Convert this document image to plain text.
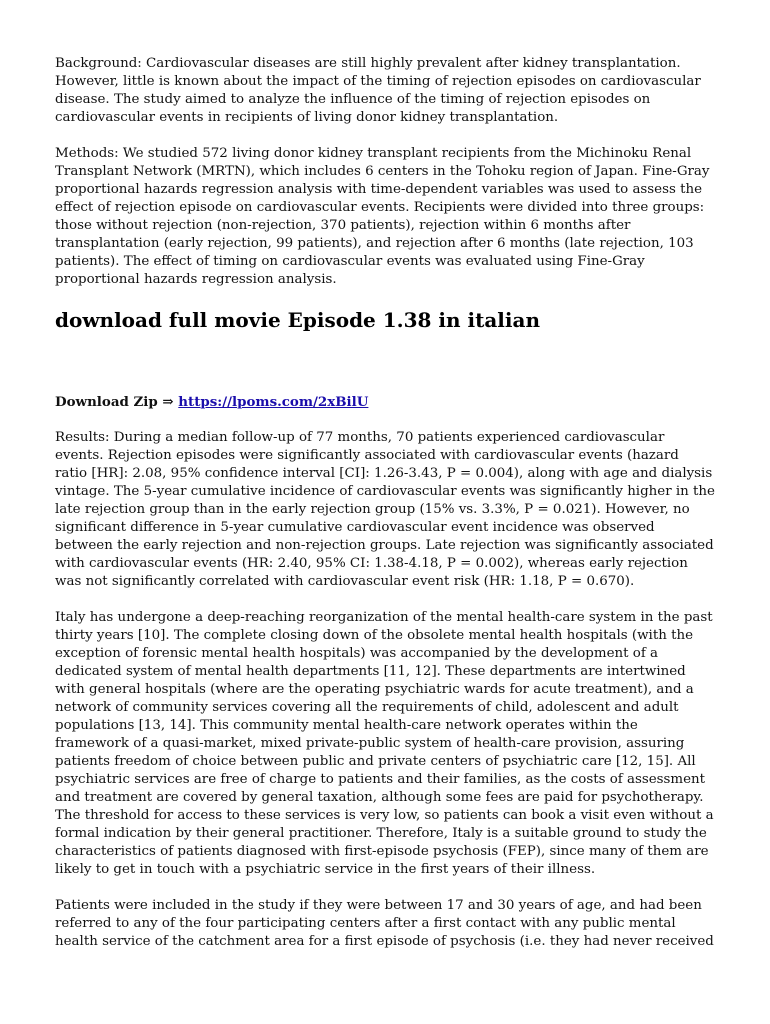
Background: Cardiovascular diseases are still highly prevalent after kidney transplantation. However, little is known about the impact of the timing of rejection episodes on cardiovascular disease. The study aimed to analyze the influence of the timing of rejection episodes on cardiovascular events in recipients of living donor kidney transplantation.

Methods: We studied 572 living donor kidney transplant recipients from the Michinoku Renal Transplant Network (MRTN), which includes 6 centers in the Tohoku region of Japan. Fine-Gray proportional hazards regression analysis with time-dependent variables was used to assess the effect of rejection episode on cardiovascular events. Recipients were divided into three groups: those without rejection (non-rejection, 370 patients), rejection within 6 months after transplantation (early rejection, 99 patients), and rejection after 6 months (late rejection, 103 patients). The effect of timing on cardiovascular events was evaluated using Fine-Gray proportional hazards regression analysis.

download full movie Episode 1.38 in italian

Download Zip ⇒ https://lpoms.com/2xBilU

Results: During a median follow-up of 77 months, 70 patients experienced cardiovascular events. Rejection episodes were significantly associated with cardiovascular events (hazard ratio [HR]: 2.08, 95% confidence interval [CI]: 1.26-3.43, P = 0.004), along with age and dialysis vintage. The 5-year cumulative incidence of cardiovascular events was significantly higher in the late rejection group than in the early rejection group (15% vs. 3.3%, P = 0.021). However, no significant difference in 5-year cumulative cardiovascular event incidence was observed between the early rejection and non-rejection groups. Late rejection was significantly associated with cardiovascular events (HR: 2.40, 95% CI: 1.38-4.18, P = 0.002), whereas early rejection was not significantly correlated with cardiovascular event risk (HR: 1.18, P = 0.670).

Italy has undergone a deep-reaching reorganization of the mental health-care system in the past thirty years [10]. The complete closing down of the obsolete mental health hospitals (with the exception of forensic mental health hospitals) was accompanied by the development of a dedicated system of mental health departments [11, 12]. These departments are intertwined with general hospitals (where are the operating psychiatric wards for acute treatment), and a network of community services covering all the requirements of child, adolescent and adult populations [13, 14]. This community mental health-care network operates within the framework of a quasi-market, mixed private-public system of health-care provision, assuring patients freedom of choice between public and private centers of psychiatric care [12, 15]. All psychiatric services are free of charge to patients and their families, as the costs of assessment and treatment are covered by general taxation, although some fees are paid for psychotherapy. The threshold for access to these services is very low, so patients can book a visit even without a formal indication by their general practitioner. Therefore, Italy is a suitable ground to study the characteristics of patients diagnosed with first-episode psychosis (FEP), since many of them are likely to get in touch with a psychiatric service in the first years of their illness.

Patients were included in the study if they were between 17 and 30 years of age, and had been referred to any of the four participating centers after a first contact with any public mental health service of the catchment area for a first episode of psychosis (i.e. they had never received
